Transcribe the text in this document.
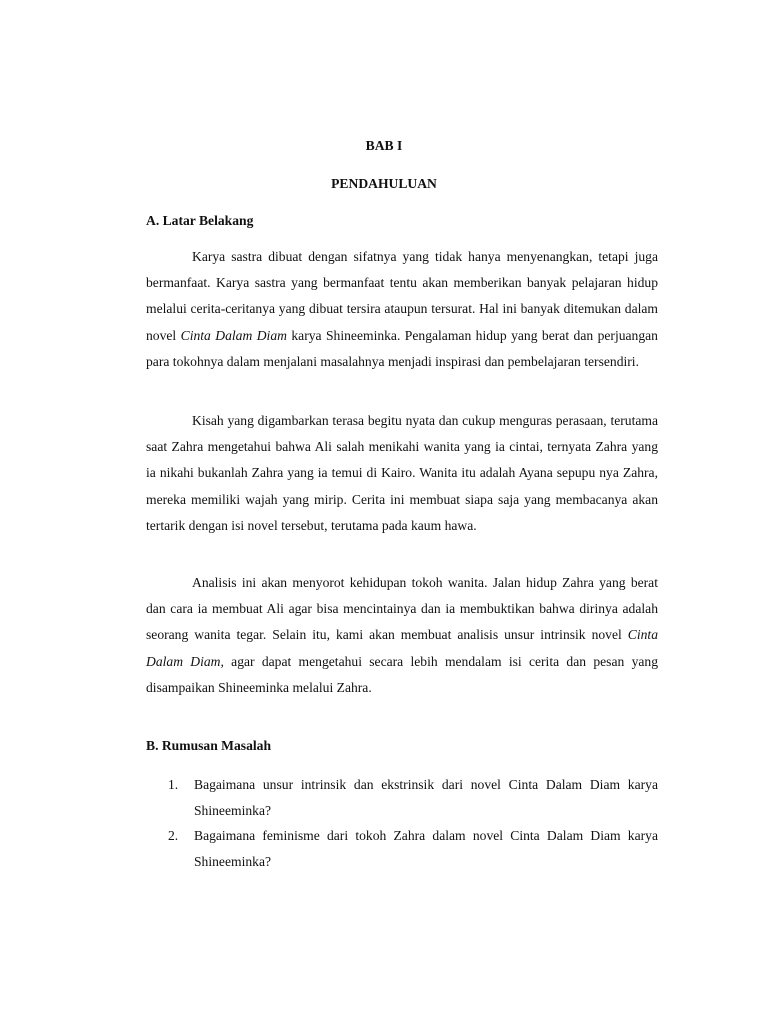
BAB I
PENDAHULUAN
A. Latar Belakang

Karya sastra dibuat dengan sifatnya yang tidak hanya menyenangkan, tetapi juga bermanfaat. Karya sastra yang bermanfaat tentu akan memberikan banyak pelajaran hidup melalui cerita-ceritanya yang dibuat tersira ataupun tersurat. Hal ini banyak ditemukan dalam novel Cinta Dalam Diam karya Shineeminka. Pengalaman hidup yang berat dan perjuangan para tokohnya dalam menjalani masalahnya menjadi inspirasi dan pembelajaran tersendiri.

Kisah yang digambarkan terasa begitu nyata dan cukup menguras perasaan, terutama saat Zahra mengetahui bahwa Ali salah menikahi wanita yang ia cintai, ternyata Zahra yang ia nikahi bukanlah Zahra yang ia temui di Kairo. Wanita itu adalah Ayana sepupu nya Zahra, mereka memiliki wajah yang mirip. Cerita ini membuat siapa saja yang membacanya akan tertarik dengan isi novel tersebut, terutama pada kaum hawa.

Analisis ini akan menyorot kehidupan tokoh wanita. Jalan hidup Zahra yang berat dan cara ia membuat Ali agar bisa mencintainya dan ia membuktikan bahwa dirinya adalah seorang wanita tegar. Selain itu, kami akan membuat analisis unsur intrinsik novel Cinta Dalam Diam, agar dapat mengetahui secara lebih mendalam isi cerita dan pesan yang disampaikan Shineeminka melalui Zahra.

B. Rumusan Masalah
1. Bagaimana unsur intrinsik dan ekstrinsik dari novel Cinta Dalam Diam karya Shineeminka?
2. Bagaimana feminisme dari tokoh Zahra dalam novel Cinta Dalam Diam karya Shineeminka?
